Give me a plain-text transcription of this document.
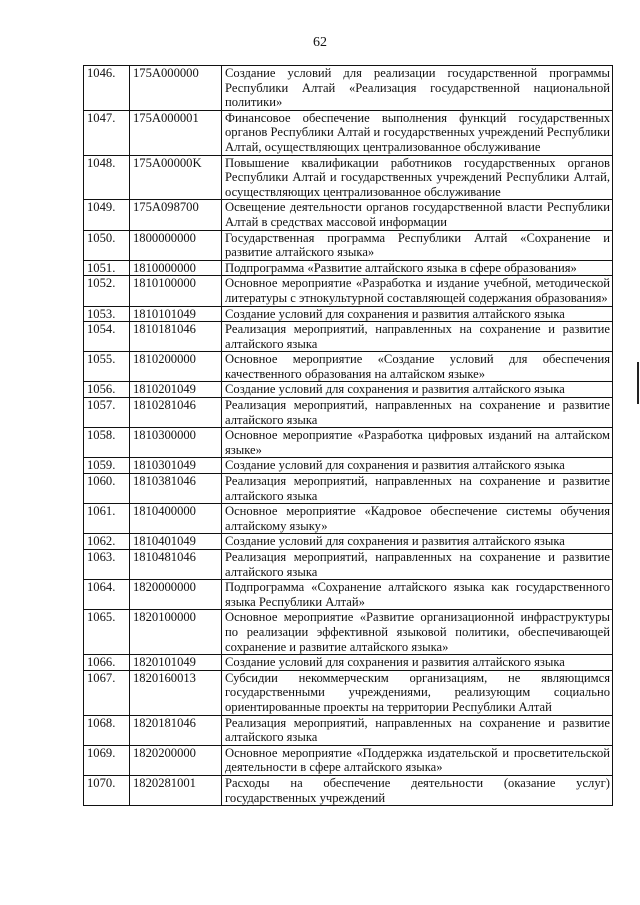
62
1046.	175A000000	Создание условий для реализации государственной программы Республики Алтай «Реализация государственной национальной политики»
1047.	175A000001	Финансовое обеспечение выполнения функций государственных органов Республики Алтай и государственных учреждений Республики Алтай, осуществляющих централизованное обслуживание
1048.	175A00000K	Повышение квалификации работников государственных органов Республики Алтай и государственных учреждений Республики Алтай, осуществляющих централизованное обслуживание
1049.	175A098700	Освещение деятельности органов государственной власти Республики Алтай в средствах массовой информации
1050.	1800000000	Государственная программа Республики Алтай «Сохранение и развитие алтайского языка»
1051.	1810000000	Подпрограмма «Развитие алтайского языка в сфере образования»
1052.	1810100000	Основное мероприятие «Разработка и издание учебной, методической литературы с этнокультурной составляющей содержания образования»
1053.	1810101049	Создание условий для сохранения и развития алтайского языка
1054.	1810181046	Реализация мероприятий, направленных на сохранение и развитие алтайского языка
1055.	1810200000	Основное мероприятие «Создание условий для обеспечения качественного образования на алтайском языке»
1056.	1810201049	Создание условий для сохранения и развития алтайского языка
1057.	1810281046	Реализация мероприятий, направленных на сохранение и развитие алтайского языка
1058.	1810300000	Основное мероприятие «Разработка цифровых изданий на алтайском языке»
1059.	1810301049	Создание условий для сохранения и развития алтайского языка
1060.	1810381046	Реализация мероприятий, направленных на сохранение и развитие алтайского языка
1061.	1810400000	Основное мероприятие «Кадровое обеспечение системы обучения алтайскому языку»
1062.	1810401049	Создание условий для сохранения и развития алтайского языка
1063.	1810481046	Реализация мероприятий, направленных на сохранение и развитие алтайского языка
1064.	1820000000	Подпрограмма «Сохранение алтайского языка как государственного языка Республики Алтай»
1065.	1820100000	Основное мероприятие «Развитие организационной инфраструктуры по реализации эффективной языковой политики, обеспечивающей сохранение и развитие алтайского языка»
1066.	1820101049	Создание условий для сохранения и развития алтайского языка
1067.	1820160013	Субсидии некоммерческим организациям, не являющимся государственными учреждениями, реализующим социально ориентированные проекты на территории Республики Алтай
1068.	1820181046	Реализация мероприятий, направленных на сохранение и развитие алтайского языка
1069.	1820200000	Основное мероприятие «Поддержка издательской и просветительской деятельности в сфере алтайского языка»
1070.	1820281001	Расходы на обеспечение деятельности (оказание услуг) государственных учреждений
